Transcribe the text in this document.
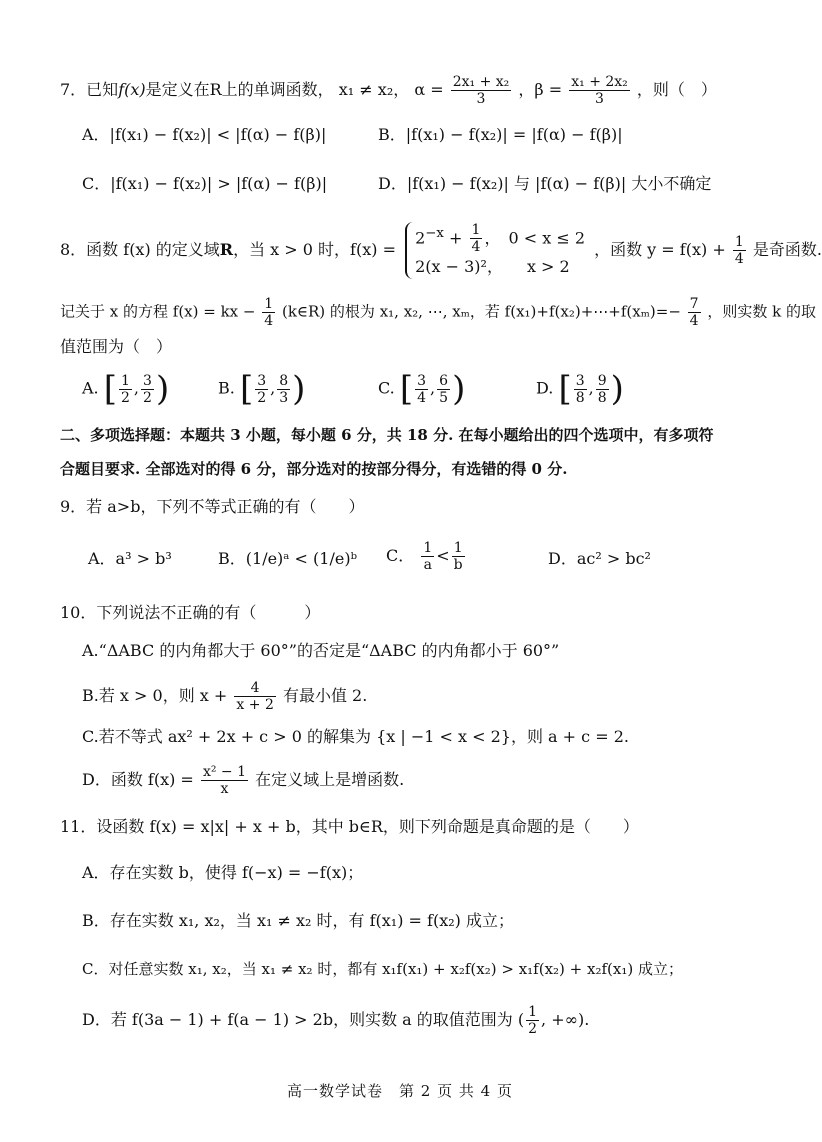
7．已知f(x)是定义在R上的单调函数， x₁ ≠ x₂， $\alpha = \frac{\text{2x₁ + x₂}}{3}$ ，$\beta = \frac{\text{x₁ + 2x₂}}{3}$ ，则（　）
A．|f(x₁) − f(x₂)| < |f(α) − f(β)|	B．|f(x₁) − f(x₂)| = |f(α) − f(β)|
C．|f(x₁) − f(x₂)| > |f(α) − f(β)|	D．|f(x₁) − f(x₂)| 与 |f(α) − f(β)| 大小不确定
8．函数 f(x) 的定义域R，当 x > 0 时，f(x) =
$2^{-x} + \frac{1}{4}$ ，　0 < x ≤ 2
2(x − 3)²，　　x > 2
，函数 $y = f(x) + \frac{1}{4}$ 是奇函数.
记关于 x 的方程 f(x) = kx − $\frac{1}{4}$ (k∈R) 的根为 x₁, x₂, ⋯, xₘ，若 f(x₁)+f(x₂)+⋯+f(xₘ)=− $\frac{7}{4}$ ，则实数 k 的取
值范围为（　）
A. [ $\frac{1}{2}$ , $\frac{3}{2}$ )	B. [ $\frac{3}{2}$ , $\frac{8}{3}$ )	C. [ $\frac{3}{4}$ , $\frac{6}{5}$ )	D. [ $\frac{3}{8}$ , $\frac{9}{8}$ )
二、多项选择题：本题共 3 小题，每小题 6 分，共 18 分. 在每小题给出的四个选项中，有多项符
合题目要求. 全部选对的得 6 分，部分选对的按部分得分，有选错的得 0 分.
9．若 a>b，下列不等式正确的有（　　）
A．a³ > b³	B．(1/e)ᵃ < (1/e)ᵇ C． $\frac{1}{a} < \frac{1}{b}$	D．ac² > bc²
10．下列说法不正确的有（　　　）
A.“ΔABC 的内角都大于 60°”的否定是“ΔABC 的内角都小于 60°”
B.若 x > 0，则 $x + \frac{4}{x + 2}$ 有最小值 2.
C.若不等式 ax² + 2x + c > 0 的解集为 {x | −1 < x < 2}，则 a + c = 2.
D．函数 $f(x) = \frac{\text{x² − 1}}{x}$ 在定义域上是增函数.
11．设函数 f(x) = x|x| + x + b，其中 b∈R，则下列命题是真命题的是（　　）
A．存在实数 b，使得 f(−x) = −f(x)；
B．存在实数 x₁, x₂，当 x₁ ≠ x₂ 时，有 f(x₁) = f(x₂) 成立；
C．对任意实数 x₁, x₂，当 x₁ ≠ x₂ 时，都有 x₁f(x₁) + x₂f(x₂) > x₁f(x₂) + x₂f(x₁) 成立；
D．若 f(3a − 1) + f(a − 1) > 2b，则实数 a 的取值范围为 ( $\frac{1}{2}$ , +∞).
高一数学试卷　第 2 页 共 4 页
